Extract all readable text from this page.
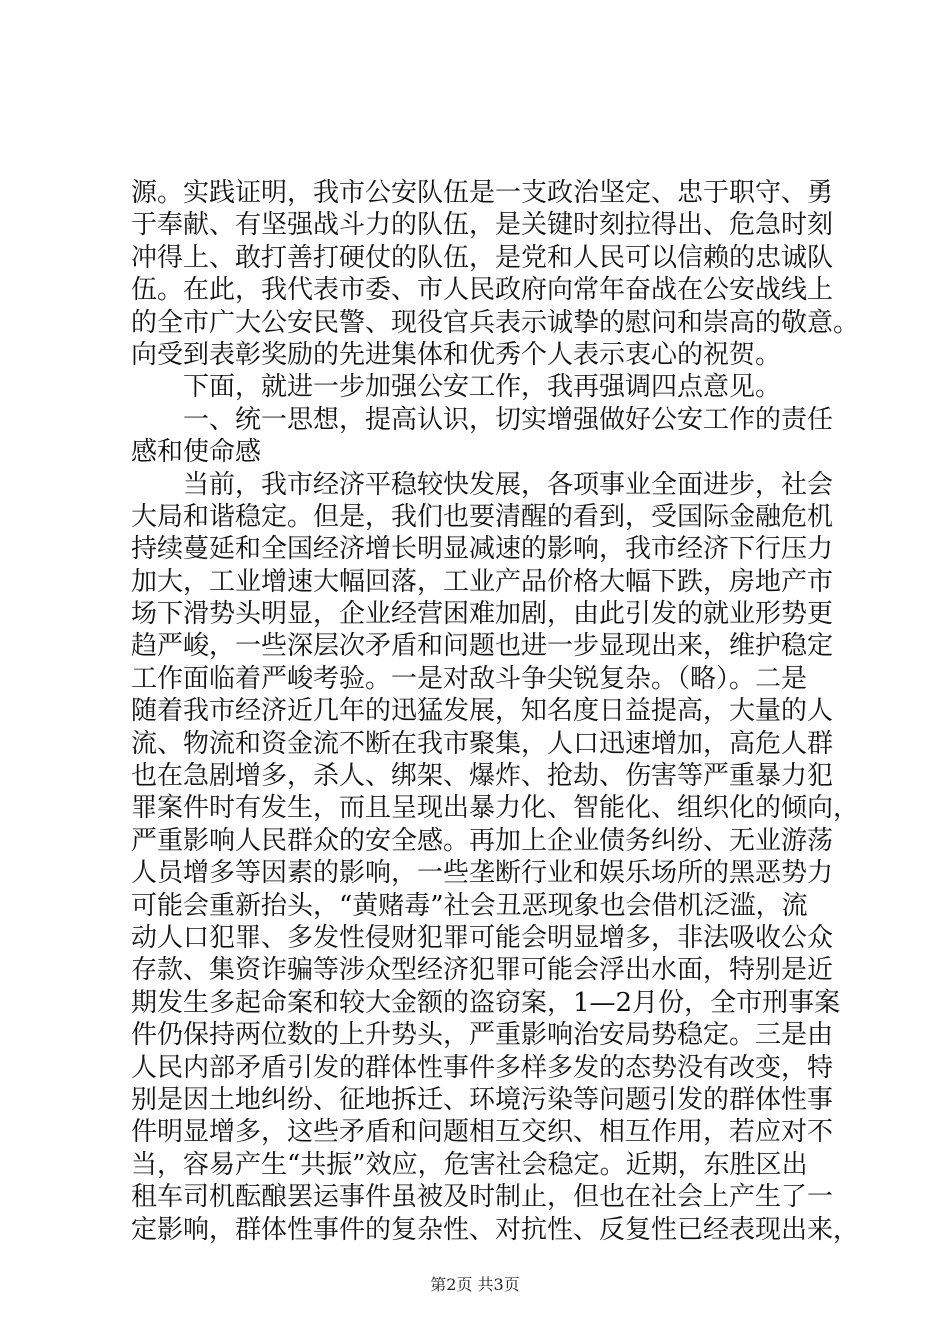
源。实践证明，我市公安队伍是一支政治坚定、忠于职守、勇
于奉献、有坚强战斗力的队伍，是关键时刻拉得出、危急时刻
冲得上、敢打善打硬仗的队伍，是党和人民可以信赖的忠诚队
伍。在此，我代表市委、市人民政府向常年奋战在公安战线上
的全市广大公安民警、现役官兵表示诚挚的慰问和崇高的敬意。
向受到表彰奖励的先进集体和优秀个人表示衷心的祝贺。
　　下面，就进一步加强公安工作，我再强调四点意见。
　　一、统一思想，提高认识，切实增强做好公安工作的责任
感和使命感
　　当前，我市经济平稳较快发展，各项事业全面进步，社会
大局和谐稳定。但是，我们也要清醒的看到，受国际金融危机
持续蔓延和全国经济增长明显减速的影响，我市经济下行压力
加大，工业增速大幅回落，工业产品价格大幅下跌，房地产市
场下滑势头明显，企业经营困难加剧，由此引发的就业形势更
趋严峻，一些深层次矛盾和问题也进一步显现出来，维护稳定
工作面临着严峻考验。一是对敌斗争尖锐复杂。（略）。二是
随着我市经济近几年的迅猛发展，知名度日益提高，大量的人
流、物流和资金流不断在我市聚集，人口迅速增加，高危人群
也在急剧增多，杀人、绑架、爆炸、抢劫、伤害等严重暴力犯
罪案件时有发生，而且呈现出暴力化、智能化、组织化的倾向，
严重影响人民群众的安全感。再加上企业债务纠纷、无业游荡
人员增多等因素的影响，一些垄断行业和娱乐场所的黑恶势力
可能会重新抬头，“黄赌毒”社会丑恶现象也会借机泛滥，流
动人口犯罪、多发性侵财犯罪可能会明显增多，非法吸收公众
存款、集资诈骗等涉众型经济犯罪可能会浮出水面，特别是近
期发生多起命案和较大金额的盗窃案，1—2月份，全市刑事案
件仍保持两位数的上升势头，严重影响治安局势稳定。三是由
人民内部矛盾引发的群体性事件多样多发的态势没有改变，特
别是因土地纠纷、征地拆迁、环境污染等问题引发的群体性事
件明显增多，这些矛盾和问题相互交织、相互作用，若应对不
当，容易产生“共振”效应，危害社会稳定。近期，东胜区出
租车司机酝酿罢运事件虽被及时制止，但也在社会上产生了一
定影响，群体性事件的复杂性、对抗性、反复性已经表现出来，
第2页 共3页
